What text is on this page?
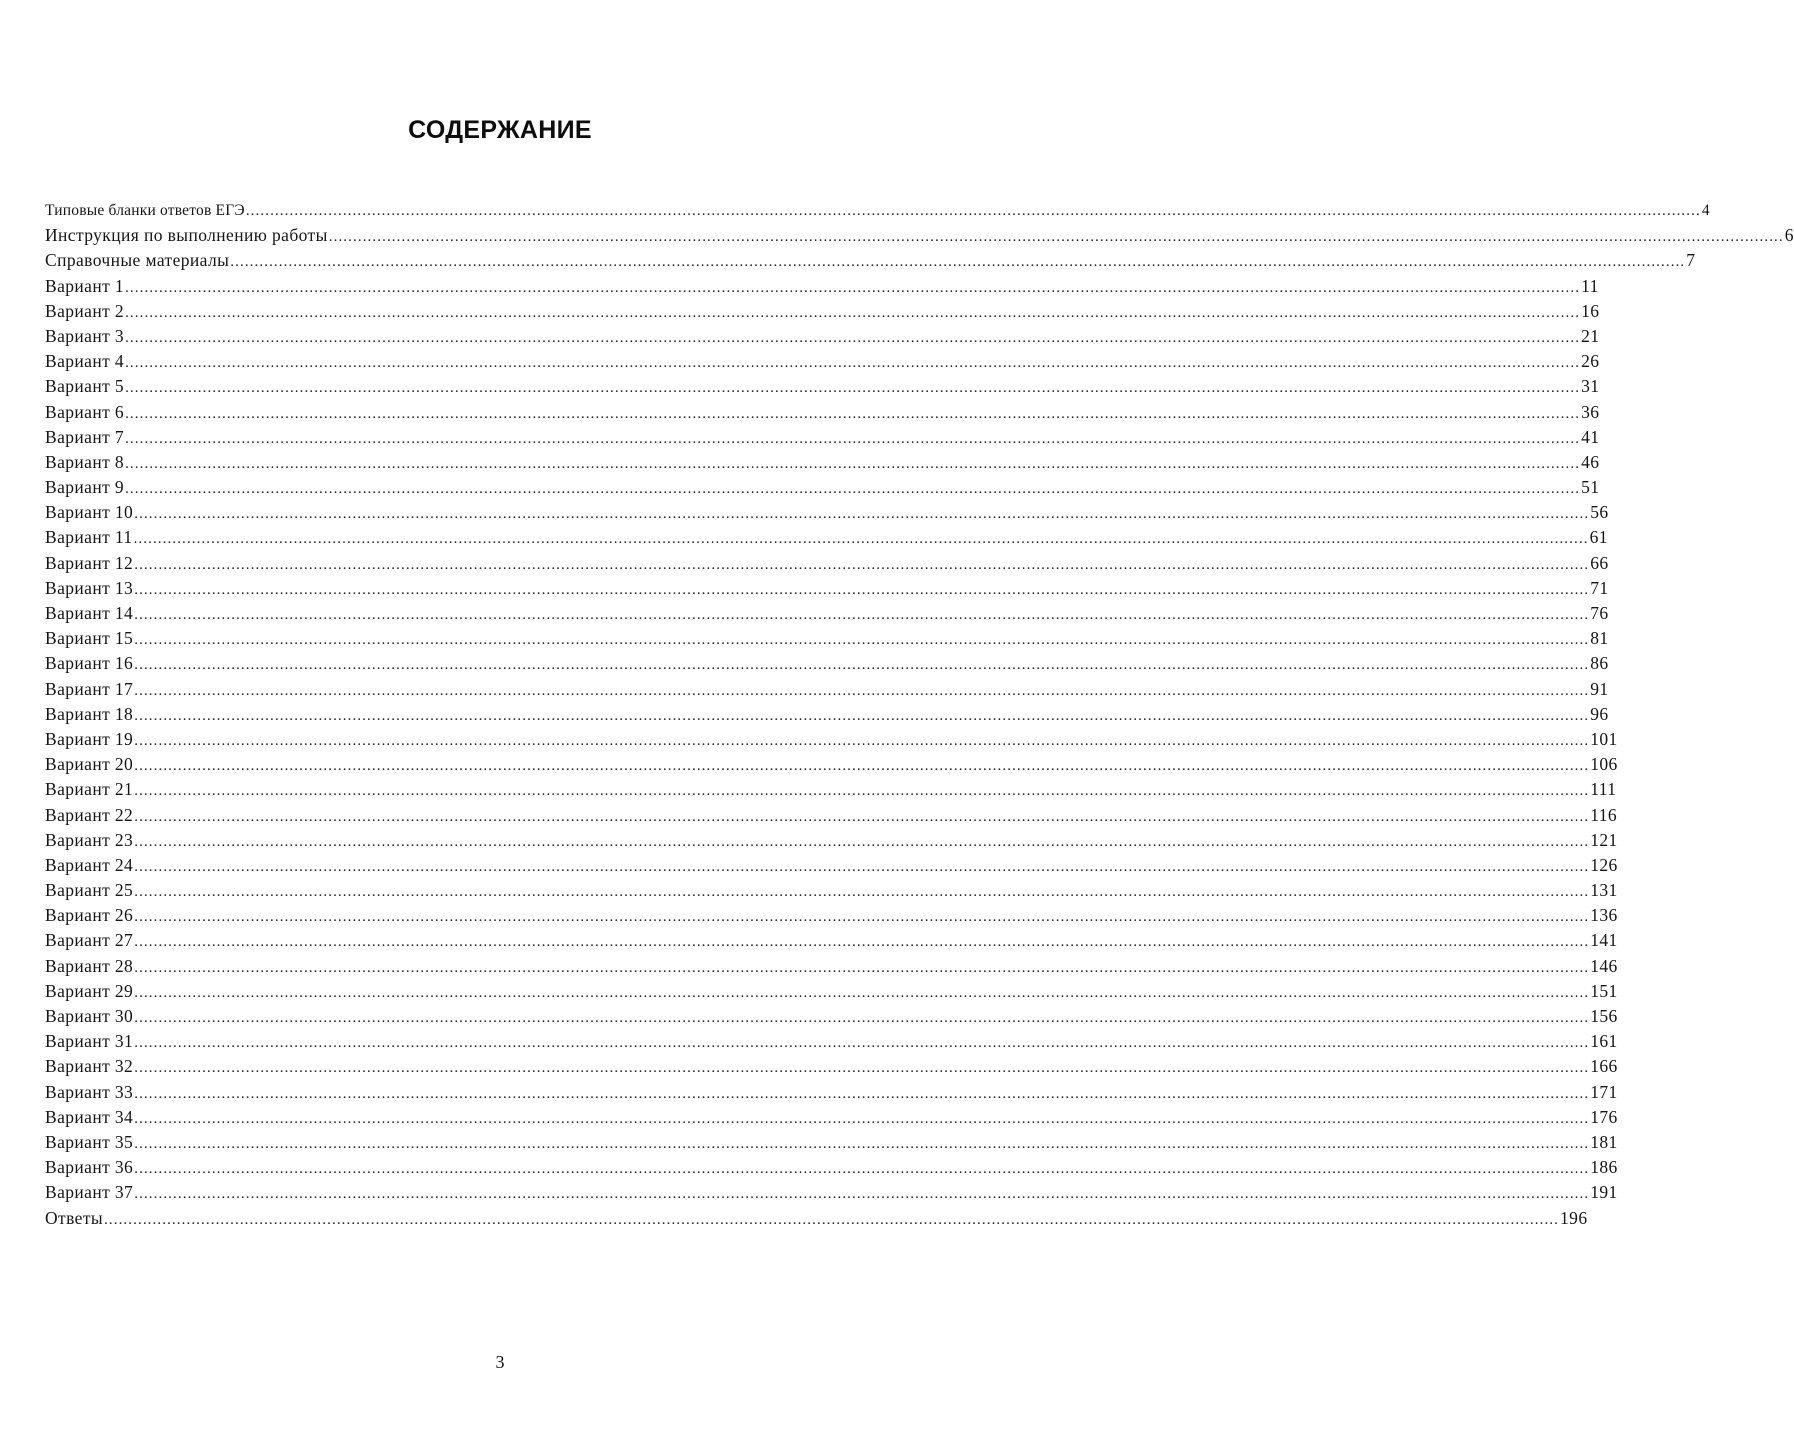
СОДЕРЖАНИЕ
Типовые бланки ответов ЕГЭ ............................................................................................................................................................................................................................................................................................................ 4
Инструкция по выполнению работы ............................................................................................................................................................................................................................................................................................................ 6
Справочные материалы ............................................................................................................................................................................................................................................................................................................ 7
Вариант 1 ............................................................................................................................................................................................................................................................................................................ 11
Вариант 2 ............................................................................................................................................................................................................................................................................................................ 16
Вариант 3 ............................................................................................................................................................................................................................................................................................................ 21
Вариант 4 ............................................................................................................................................................................................................................................................................................................ 26
Вариант 5 ............................................................................................................................................................................................................................................................................................................ 31
Вариант 6 ............................................................................................................................................................................................................................................................................................................ 36
Вариант 7 ............................................................................................................................................................................................................................................................................................................ 41
Вариант 8 ............................................................................................................................................................................................................................................................................................................ 46
Вариант 9 ............................................................................................................................................................................................................................................................................................................ 51
Вариант 10 ............................................................................................................................................................................................................................................................................................................ 56
Вариант 11 ............................................................................................................................................................................................................................................................................................................ 61
Вариант 12 ............................................................................................................................................................................................................................................................................................................ 66
Вариант 13 ............................................................................................................................................................................................................................................................................................................ 71
Вариант 14 ............................................................................................................................................................................................................................................................................................................ 76
Вариант 15 ............................................................................................................................................................................................................................................................................................................ 81
Вариант 16 ............................................................................................................................................................................................................................................................................................................ 86
Вариант 17 ............................................................................................................................................................................................................................................................................................................ 91
Вариант 18 ............................................................................................................................................................................................................................................................................................................ 96
Вариант 19 ............................................................................................................................................................................................................................................................................................................ 101
Вариант 20 ............................................................................................................................................................................................................................................................................................................ 106
Вариант 21 ............................................................................................................................................................................................................................................................................................................ 111
Вариант 22 ............................................................................................................................................................................................................................................................................................................ 116
Вариант 23 ............................................................................................................................................................................................................................................................................................................ 121
Вариант 24 ............................................................................................................................................................................................................................................................................................................ 126
Вариант 25 ............................................................................................................................................................................................................................................................................................................ 131
Вариант 26 ............................................................................................................................................................................................................................................................................................................ 136
Вариант 27 ............................................................................................................................................................................................................................................................................................................ 141
Вариант 28 ............................................................................................................................................................................................................................................................................................................ 146
Вариант 29 ............................................................................................................................................................................................................................................................................................................ 151
Вариант 30 ............................................................................................................................................................................................................................................................................................................ 156
Вариант 31 ............................................................................................................................................................................................................................................................................................................ 161
Вариант 32 ............................................................................................................................................................................................................................................................................................................ 166
Вариант 33 ............................................................................................................................................................................................................................................................................................................ 171
Вариант 34 ............................................................................................................................................................................................................................................................................................................ 176
Вариант 35 ............................................................................................................................................................................................................................................................................................................ 181
Вариант 36 ............................................................................................................................................................................................................................................................................................................ 186
Вариант 37 ............................................................................................................................................................................................................................................................................................................ 191
Ответы ............................................................................................................................................................................................................................................................................................................ 196
3
